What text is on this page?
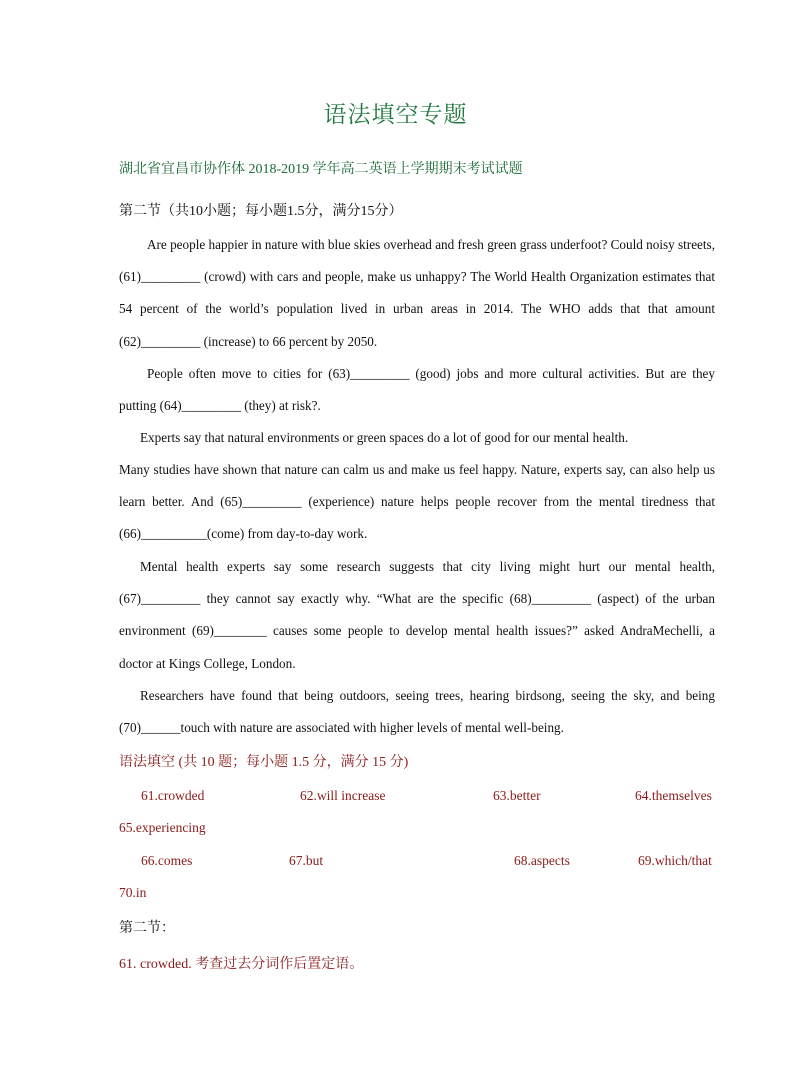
语法填空专题
湖北省宜昌市协作体 2018-2019 学年高二英语上学期期末考试试题
第二节（共10小题；每小题1.5分，满分15分）
Are people happier in nature with blue skies overhead and fresh green grass underfoot? Could noisy streets, (61)_________ (crowd) with cars and people, make us unhappy? The World Health Organization estimates that 54 percent of the world’s population lived in urban areas in 2014. The WHO adds that that amount (62)_________ (increase) to 66 percent by 2050.
People often move to cities for (63)_________ (good) jobs and more cultural activities. But are they putting (64)_________ (they) at risk?.
Experts say that natural environments or green spaces do a lot of good for our mental health.
Many studies have shown that nature can calm us and make us feel happy. Nature, experts say, can also help us learn better. And (65)_________ (experience) nature helps people recover from the mental tiredness that (66)__________(come) from day-to-day work.
Mental health experts say some research suggests that city living might hurt our mental health, (67)_________ they cannot say exactly why. “What are the specific (68)_________ (aspect) of the urban environment (69)________ causes some people to develop mental health issues?” asked AndraMechelli, a doctor at Kings College, London.
Researchers have found that being outdoors, seeing trees, hearing birdsong, seeing the sky, and being (70)______touch with nature are associated with higher levels of mental well-being.
语法填空 (共 10 题；每小题 1.5 分，满分 15 分)
61.crowded	62.will increase	63.better	64.themselves
65.experiencing
66.comes	67.but	68.aspects	69.which/that
70.in
第二节：
61. crowded. 考查过去分词作后置定语。
